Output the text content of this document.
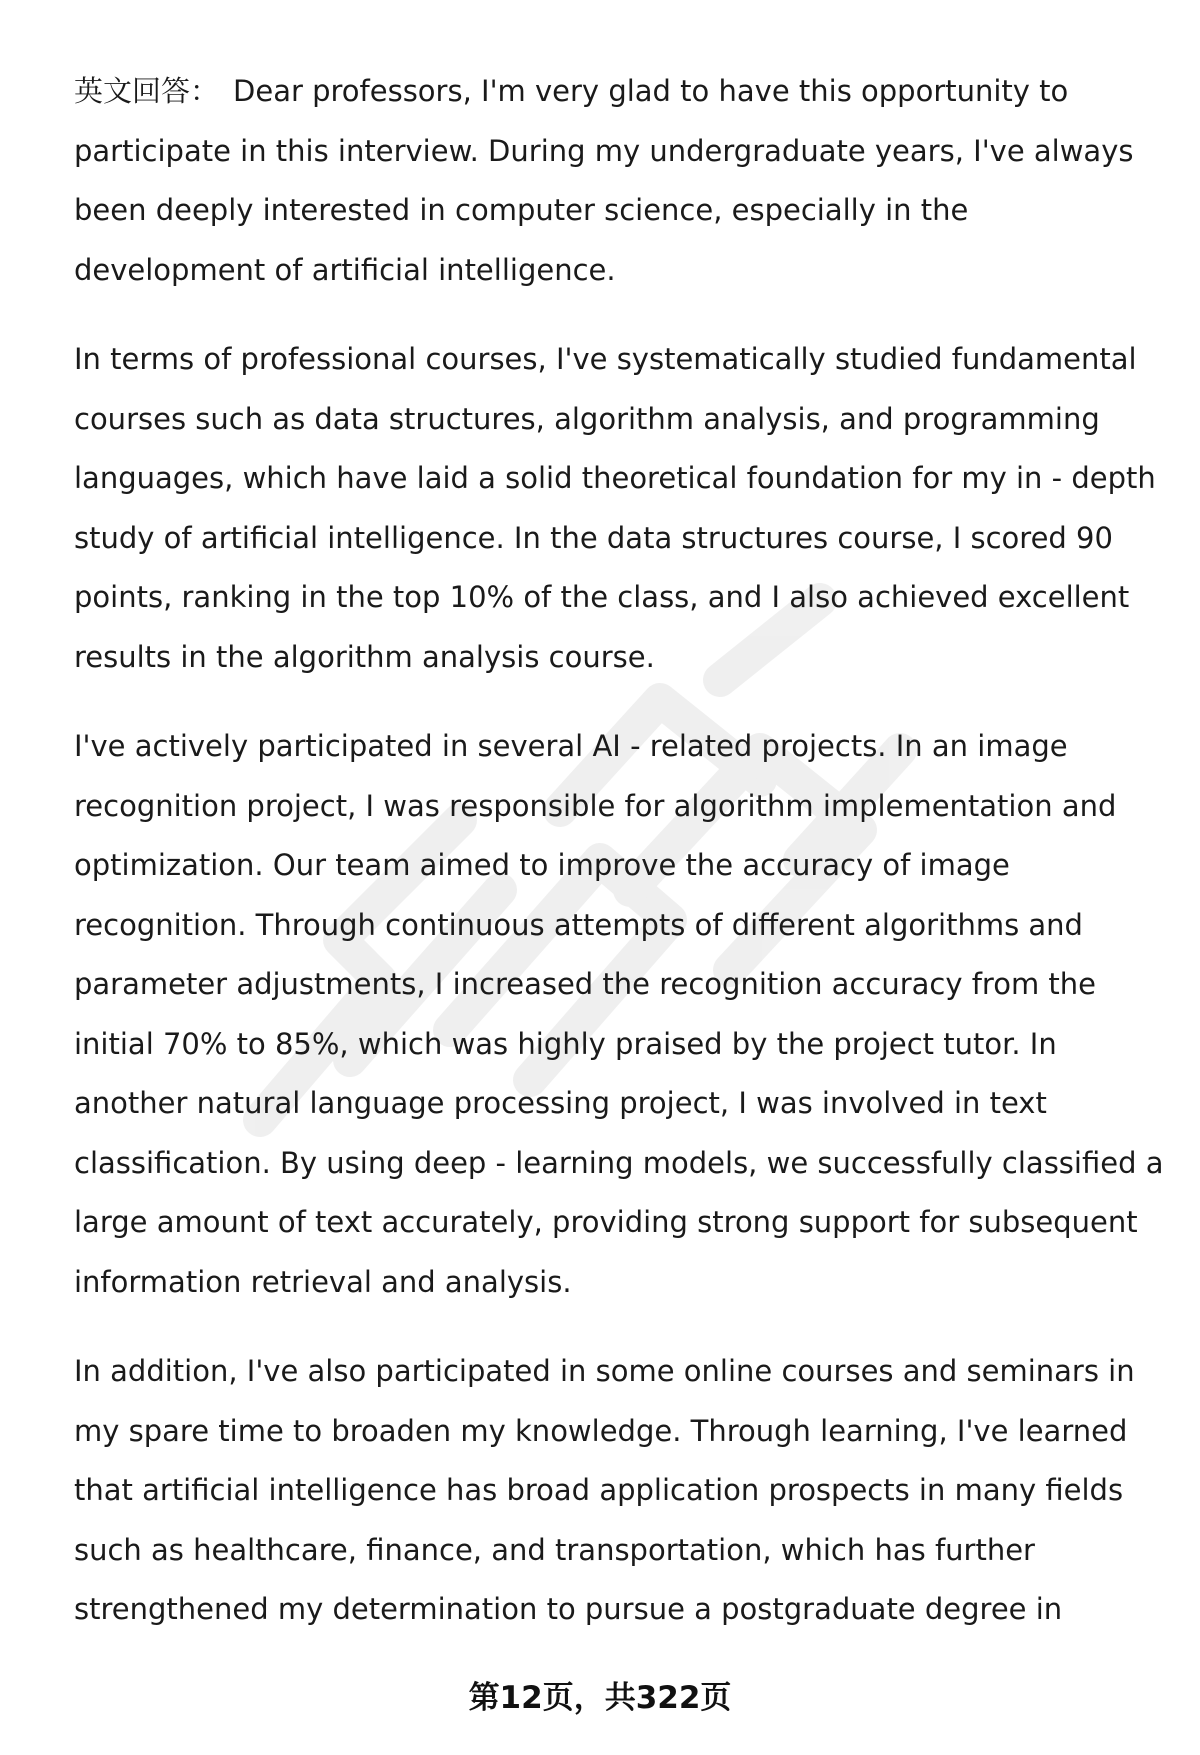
英文回答： Dear professors, I'm very glad to have this opportunity to participate in this interview. During my undergraduate years, I've always been deeply interested in computer science, especially in the development of artificial intelligence.

In terms of professional courses, I've systematically studied fundamental courses such as data structures, algorithm analysis, and programming languages, which have laid a solid theoretical foundation for my in - depth study of artificial intelligence. In the data structures course, I scored 90 points, ranking in the top 10% of the class, and I also achieved excellent results in the algorithm analysis course.

I've actively participated in several AI - related projects. In an image recognition project, I was responsible for algorithm implementation and optimization. Our team aimed to improve the accuracy of image recognition. Through continuous attempts of different algorithms and parameter adjustments, I increased the recognition accuracy from the initial 70% to 85%, which was highly praised by the project tutor. In another natural language processing project, I was involved in text classification. By using deep - learning models, we successfully classified a large amount of text accurately, providing strong support for subsequent information retrieval and analysis.

In addition, I've also participated in some online courses and seminars in my spare time to broaden my knowledge. Through learning, I've learned that artificial intelligence has broad application prospects in many fields such as healthcare, finance, and transportation, which has further strengthened my determination to pursue a postgraduate degree in

第12页，共322页
